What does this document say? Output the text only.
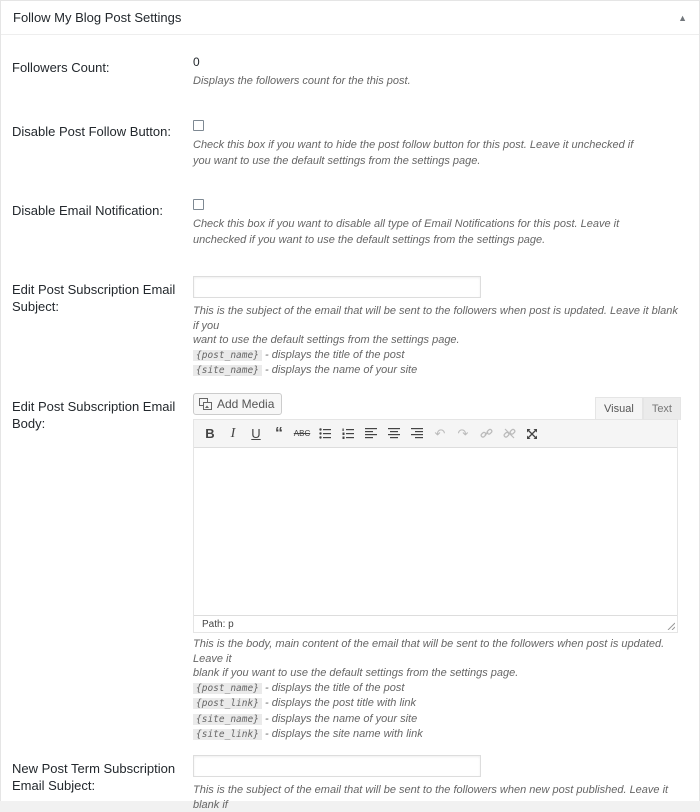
Follow My Blog Post Settings	▲
Followers Count:	0
Displays the followers count for the this post.
Disable Post Follow Button:
Check this box if you want to hide the post follow button for this post. Leave it unchecked if
you want to use the default settings from the settings page.
Disable Email Notification:
Check this box if you want to disable all type of Email Notifications for this post. Leave it
unchecked if you want to use the default settings from the settings page.
Edit Post Subscription Email Subject:	This is the subject of the email that will be sent to the followers when post is updated. Leave it blank if you
want to use the default settings from the settings page.
{post_name} - displays the title of the post
{site_name} - displays the name of your site
Edit Post Subscription Email Body:
Add Media	Visual	Text
B	I	U “	ABC	↶ ↷
Path: p
This is the body, main content of the email that will be sent to the followers when post is updated. Leave it
blank if you want to use the default settings from the settings page.
{post_name} - displays the title of the post
{post_link} - displays the post title with link
{site_name} - displays the name of your site
{site_link} - displays the site name with link
New Post Term Subscription Email Subject:	This is the subject of the email that will be sent to the followers when new post published. Leave it blank if
